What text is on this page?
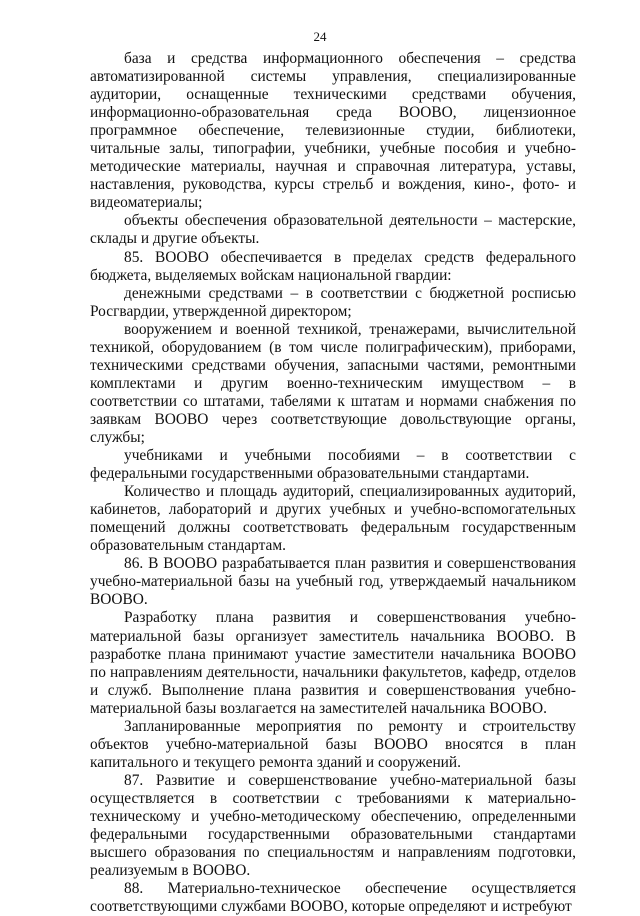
24

база и средства информационного обеспечения – средства автоматизированной системы управления, специализированные аудитории, оснащенные техническими средствами обучения, информационно-образовательная среда ВООВО, лицензионное программное обеспечение, телевизионные студии, библиотеки, читальные залы, типографии, учебники, учебные пособия и учебно-методические материалы, научная и справочная литература, уставы, наставления, руководства, курсы стрельб и вождения, кино-, фото- и видеоматериалы;

объекты обеспечения образовательной деятельности – мастерские, склады и другие объекты.

85. ВООВО обеспечивается в пределах средств федерального бюджета, выделяемых войскам национальной гвардии:

денежными средствами – в соответствии с бюджетной росписью Росгвардии, утвержденной директором;

вооружением и военной техникой, тренажерами, вычислительной техникой, оборудованием (в том числе полиграфическим), приборами, техническими средствами обучения, запасными частями, ремонтными комплектами и другим военно-техническим имуществом – в соответствии со штатами, табелями к штатам и нормами снабжения по заявкам ВООВО через соответствующие довольствующие органы, службы;

учебниками и учебными пособиями – в соответствии с федеральными государственными образовательными стандартами.

Количество и площадь аудиторий, специализированных аудиторий, кабинетов, лабораторий и других учебных и учебно-вспомогательных помещений должны соответствовать федеральным государственным образовательным стандартам.

86. В ВООВО разрабатывается план развития и совершенствования учебно-материальной базы на учебный год, утверждаемый начальником ВООВО.

Разработку плана развития и совершенствования учебно-материальной базы организует заместитель начальника ВООВО. В разработке плана принимают участие заместители начальника ВООВО по направлениям деятельности, начальники факультетов, кафедр, отделов и служб. Выполнение плана развития и совершенствования учебно-материальной базы возлагается на заместителей начальника ВООВО.

Запланированные мероприятия по ремонту и строительству объектов учебно-материальной базы ВООВО вносятся в план капитального и текущего ремонта зданий и сооружений.

87. Развитие и совершенствование учебно-материальной базы осуществляется в соответствии с требованиями к материально-техническому и учебно-методическому обеспечению, определенными федеральными государственными образовательными стандартами высшего образования по специальностям и направлениям подготовки, реализуемым в ВООВО.

88. Материально-техническое обеспечение осуществляется соответствующими службами ВООВО, которые определяют и истребуют
